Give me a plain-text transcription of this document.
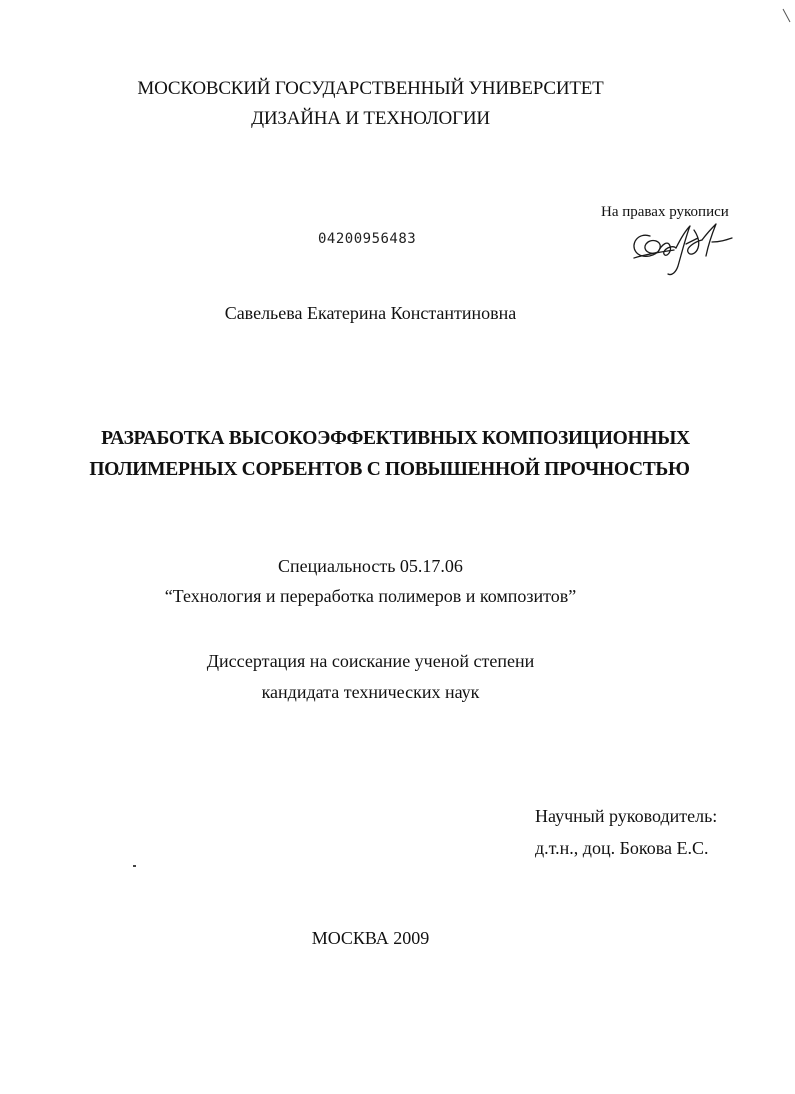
МОСКОВСКИЙ ГОСУДАРСТВЕННЫЙ УНИВЕРСИТЕТ
ДИЗАЙНА И ТЕХНОЛОГИИ
На правах рукописи
04200956483
Савельева Екатерина Константиновна
РАЗРАБОТКА ВЫСОКОЭФФЕКТИВНЫХ КОМПОЗИЦИОННЫХ
ПОЛИМЕРНЫХ СОРБЕНТОВ С ПОВЫШЕННОЙ ПРОЧНОСТЬЮ
Специальность 05.17.06
“Технология и переработка полимеров и композитов”
Диссертация на соискание ученой степени
кандидата технических наук
Научный руководитель:
д.т.н., доц. Бокова Е.С.
МОСКВА 2009
